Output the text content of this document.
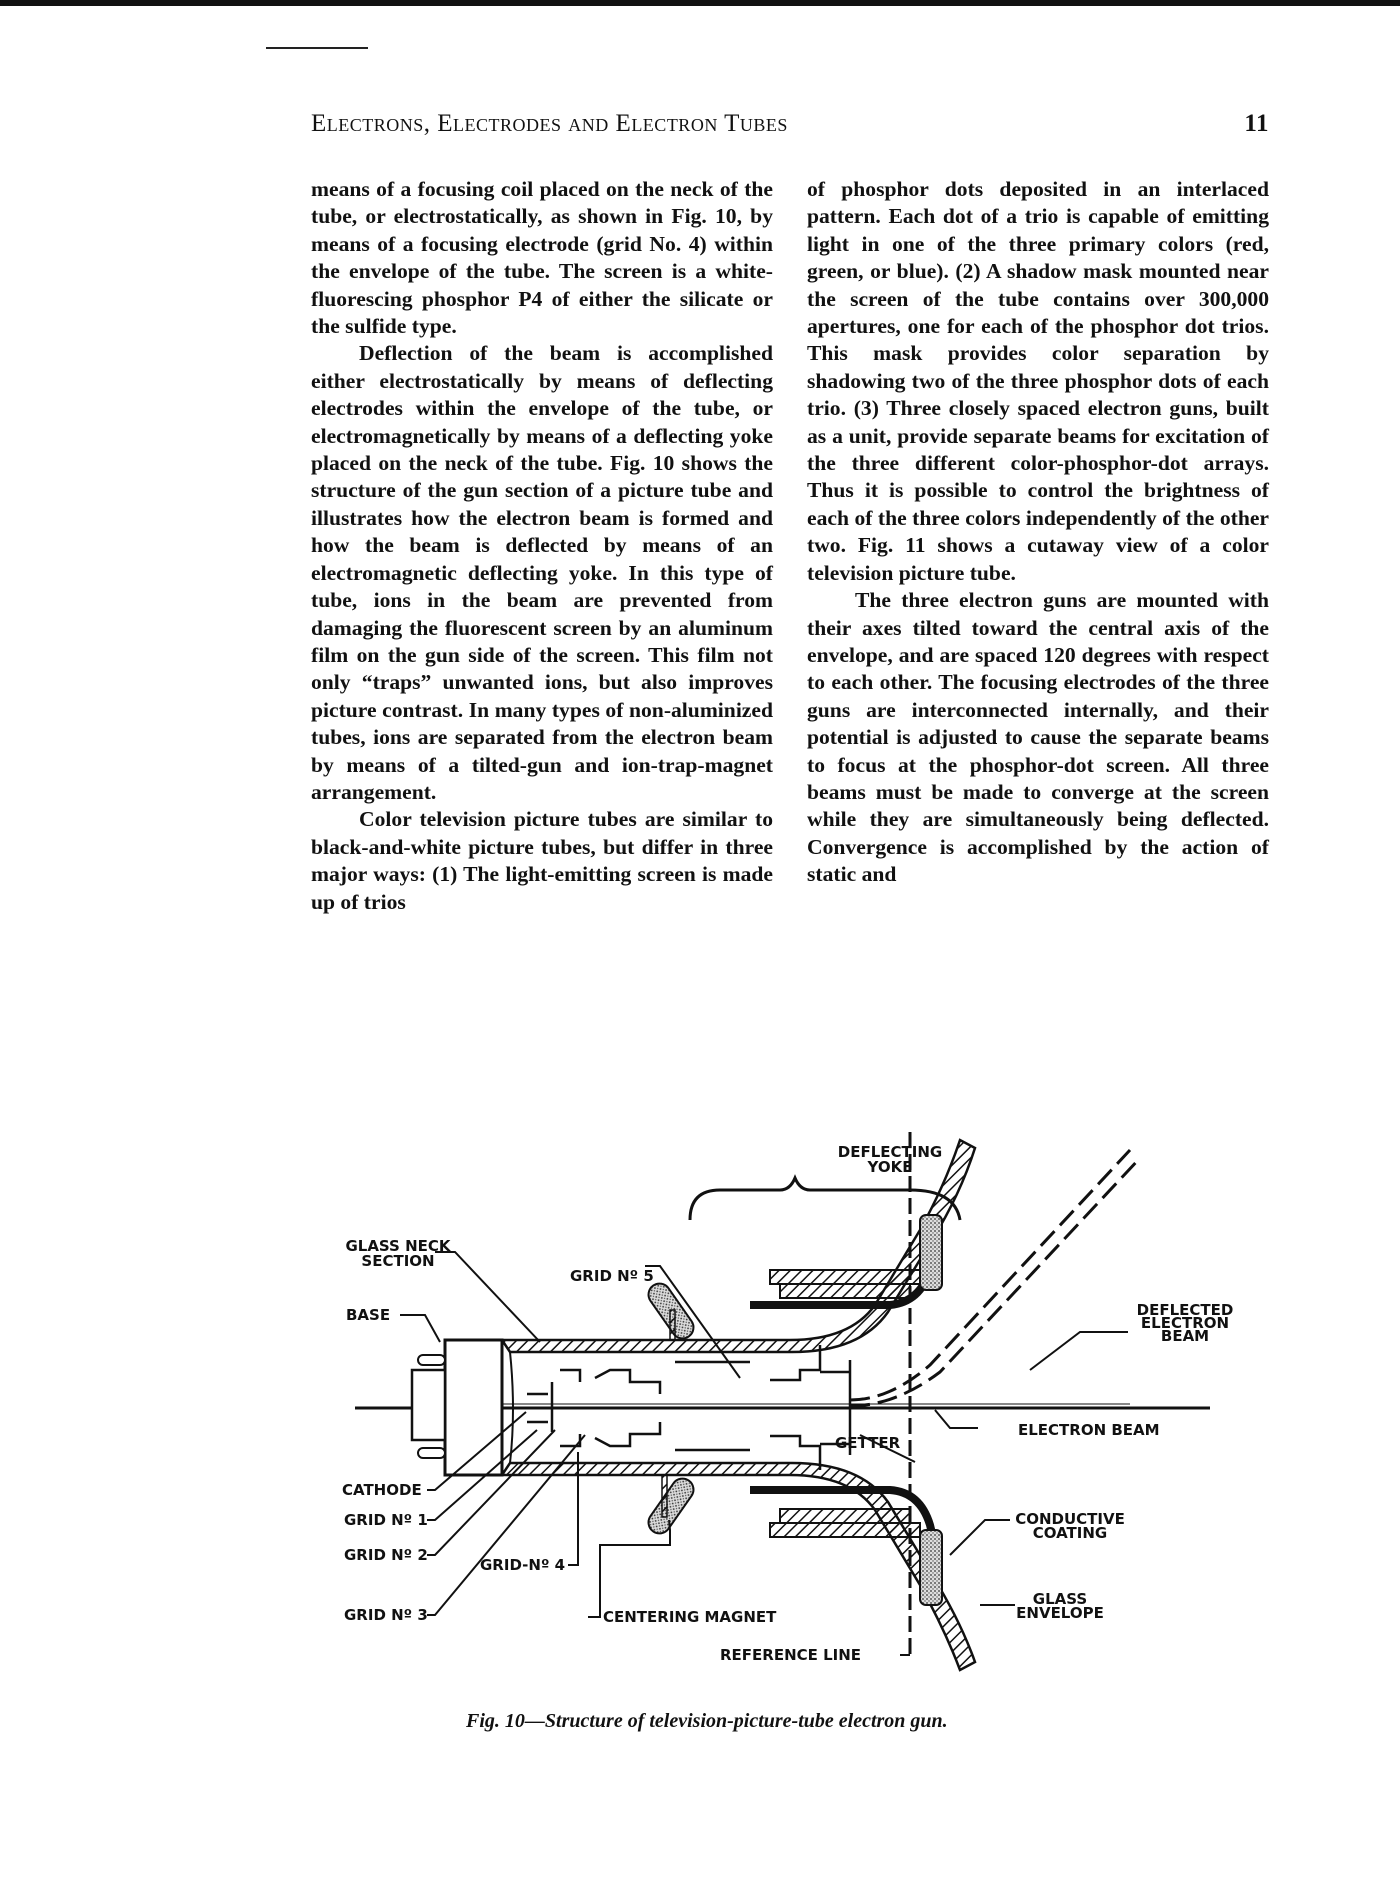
Electrons, Electrodes and Electron Tubes	11

means of a focusing coil placed on the neck of the tube, or electrostatically, as shown in Fig. 10, by means of a focusing electrode (grid No. 4) within the envelope of the tube. The screen is a white-fluorescing phosphor P4 of either the silicate or the sulfide type.

Deflection of the beam is accomplished either electrostatically by means of deflecting electrodes within the envelope of the tube, or electromagnetically by means of a deflecting yoke placed on the neck of the tube. Fig. 10 shows the structure of the gun section of a picture tube and illustrates how the electron beam is formed and how the beam is deflected by means of an electromagnetic deflecting yoke. In this type of tube, ions in the beam are prevented from damaging the fluorescent screen by an aluminum film on the gun side of the screen. This film not only “traps” unwanted ions, but also improves picture contrast. In many types of non-aluminized tubes, ions are separated from the electron beam by means of a tilted-gun and ion-trap-magnet arrangement.

Color television picture tubes are similar to black-and-white picture tubes, but differ in three major ways: (1) The light-emitting screen is made up of trios

of phosphor dots deposited in an interlaced pattern. Each dot of a trio is capable of emitting light in one of the three primary colors (red, green, or blue). (2) A shadow mask mounted near the screen of the tube contains over 300,000 apertures, one for each of the phosphor dot trios. This mask provides color separation by shadowing two of the three phosphor dots of each trio. (3) Three closely spaced electron guns, built as a unit, provide separate beams for excitation of the three different color-phosphor-dot arrays. Thus it is possible to control the brightness of each of the three colors independently of the other two. Fig. 11 shows a cutaway view of a color television picture tube.

The three electron guns are mounted with their axes tilted toward the central axis of the envelope, and are spaced 120 degrees with respect to each other. The focusing electrodes of the three guns are interconnected internally, and their potential is adjusted to cause the separate beams to focus at the phosphor-dot screen. All three beams must be made to converge at the screen while they are simultaneously being deflected. Convergence is accomplished by the action of static and

DEFLECTING
YOKE
GLASS NECK
SECTION
GRID Nº 5
BASE	DEFLECTED
ELECTRON
BEAM
ELECTRON BEAM
GETTER
CATHODE
GRID Nº 1
GRID Nº 2
GRID Nº 3
GRID-Nº 4
CONDUCTIVE
COATING
CENTERING MAGNET
GLASS
ENVELOPE
REFERENCE LINE
Fig. 10—Structure of television-picture-tube electron gun.
